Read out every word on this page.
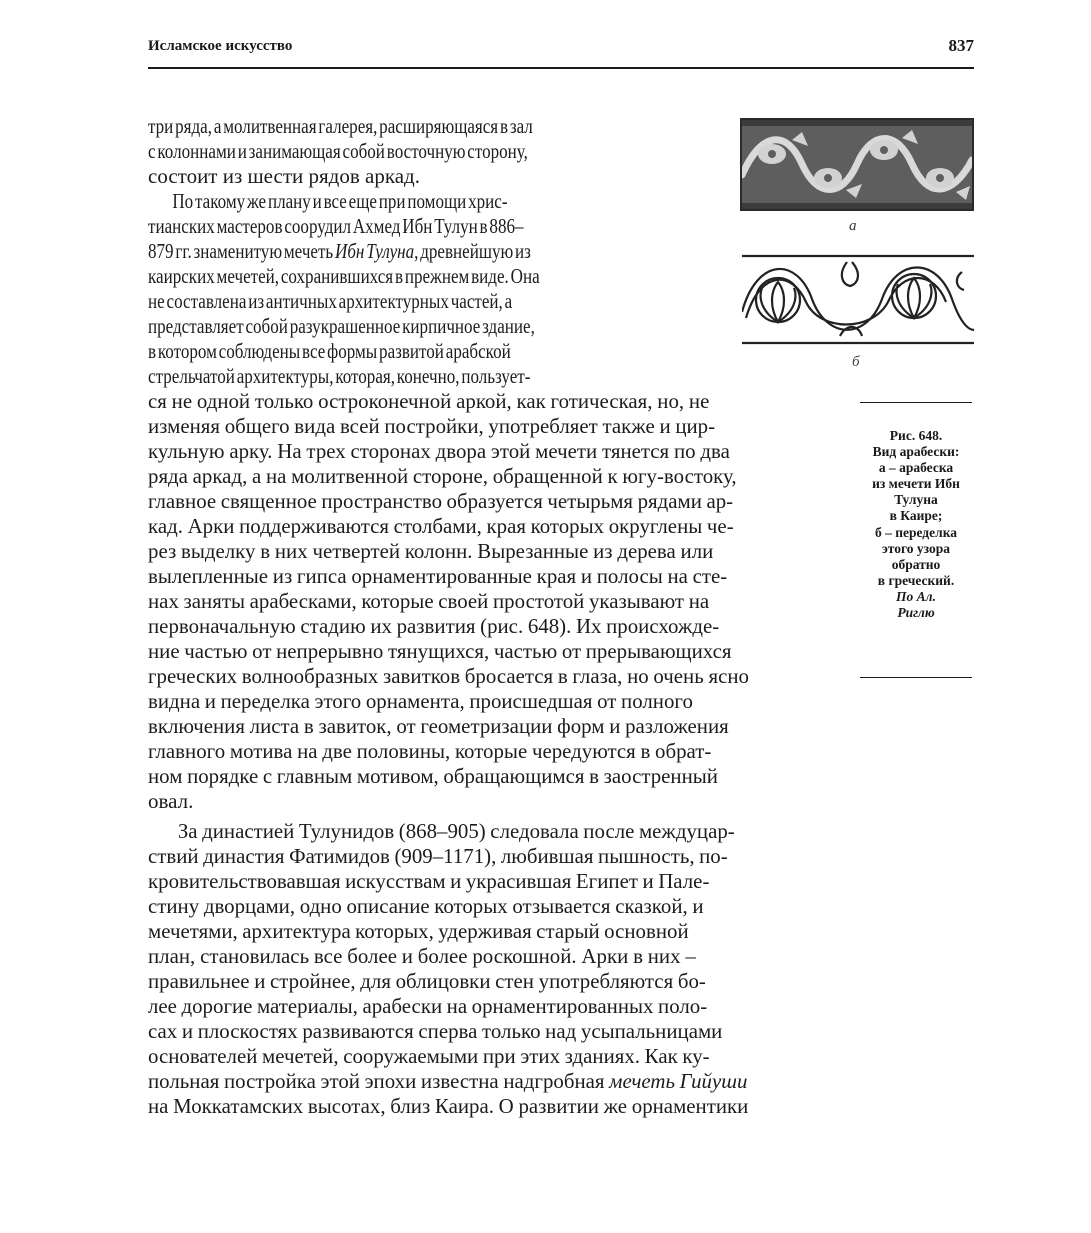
Исламское искусство	837
а
б
Рис. 648.
Вид арабески:
а – арабеска
из мечети Ибн
Тулуна
в Каире;
б – переделка
этого узора
обратно
в греческий.
По Ал.
Риглю
три ряда, а молитвенная галерея, расширяющаяся в зал
с колоннами и занимающая собой восточную сторону,
состоит из шести рядов аркад.
По такому же плану и все еще при помощи хрис-
тианских мастеров соорудил Ахмед Ибн Тулун в 886–
879 гг. знаменитую мечеть Ибн Тулуна, древнейшую из
каирских мечетей, сохранившихся в прежнем виде. Она
не составлена из античных архитектурных частей, а
представляет собой разукрашенное кирпичное здание,
в котором соблюдены все формы развитой арабской
стрельчатой архитектуры, которая, конечно, пользует-
ся не одной только остроконечной аркой, как готическая, но, не
изменяя общего вида всей постройки, употребляет также и цир-
кульную арку. На трех сторонах двора этой мечети тянется по два
ряда аркад, а на молитвенной стороне, обращенной к югу-востоку,
главное священное пространство образуется четырьмя рядами ар-
кад. Арки поддерживаются столбами, края которых округлены че-
рез выделку в них четвертей колонн. Вырезанные из дерева или
вылепленные из гипса орнаментированные края и полосы на сте-
нах заняты арабесками, которые своей простотой указывают на
первоначальную стадию их развития (рис. 648). Их происхожде-
ние частью от непрерывно тянущихся, частью от прерывающихся
греческих волнообразных завитков бросается в глаза, но очень ясно
видна и переделка этого орнамента, происшедшая от полного
включения листа в завиток, от геометризации форм и разложения
главного мотива на две половины, которые чередуются в обрат-
ном порядке с главным мотивом, обращающимся в заостренный
овал.
За династией Тулунидов (868–905) следовала после междуцар-
ствий династия Фатимидов (909–1171), любившая пышность, по-
кровительствовавшая искусствам и украсившая Египет и Пале-
стину дворцами, одно описание которых отзывается сказкой, и
мечетями, архитектура которых, удерживая старый основной
план, становилась все более и более роскошной. Арки в них –
правильнее и стройнее, для облицовки стен употребляются бо-
лее дорогие материалы, арабески на орнаментированных поло-
сах и плоскостях развиваются сперва только над усыпальницами
основателей мечетей, сооружаемыми при этих зданиях. Как ку-
польная постройка этой эпохи известна надгробная мечеть Гийуши
на Моккатамских высотах, близ Каира. О развитии же орнаментики
